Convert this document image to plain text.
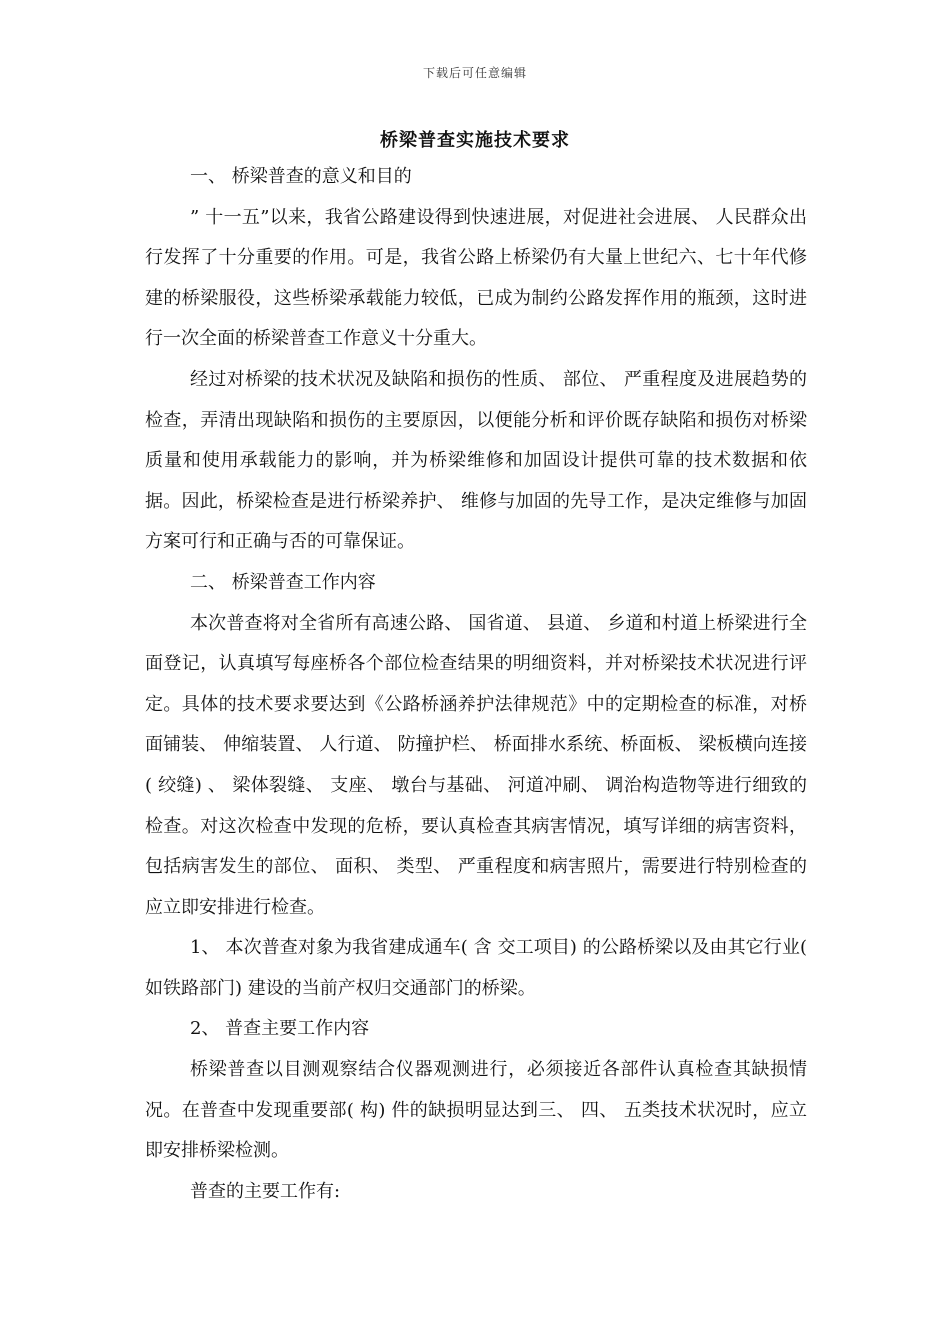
下载后可任意编辑
桥梁普查实施技术要求

一、 桥梁普查的意义和目的

” 十一五”以来，我省公路建设得到快速进展，对促进社会进展、 人民群众出行发挥了十分重要的作用。可是，我省公路上桥梁仍有大量上世纪六、七十年代修建的桥梁服役，这些桥梁承载能力较低，已成为制约公路发挥作用的瓶颈，这时进行一次全面的桥梁普查工作意义十分重大。

经过对桥梁的技术状况及缺陷和损伤的性质、 部位、 严重程度及进展趋势的检查，弄清出现缺陷和损伤的主要原因，以便能分析和评价既存缺陷和损伤对桥梁质量和使用承载能力的影响，并为桥梁维修和加固设计提供可靠的技术数据和依据。因此，桥梁检查是进行桥梁养护、 维修与加固的先导工作，是决定维修与加固方案可行和正确与否的可靠保证。

二、 桥梁普查工作内容

本次普查将对全省所有高速公路、 国省道、 县道、 乡道和村道上桥梁进行全面登记，认真填写每座桥各个部位检查结果的明细资料，并对桥梁技术状况进行评定。具体的技术要求要达到《公路桥涵养护法律规范》中的定期检查的标准，对桥面铺装、 伸缩装置、 人行道、 防撞护栏、 桥面排水系统、桥面板、 梁板横向连接( 绞缝) 、 梁体裂缝、 支座、 墩台与基础、 河道冲刷、 调治构造物等进行细致的检查。对这次检查中发现的危桥，要认真检查其病害情况，填写详细的病害资料，包括病害发生的部位、 面积、 类型、 严重程度和病害照片，需要进行特别检查的应立即安排进行检查。

1、 本次普查对象为我省建成通车( 含 交工项目) 的公路桥梁以及由其它行业( 如铁路部门) 建设的当前产权归交通部门的桥梁。

2、 普查主要工作内容

桥梁普查以目测观察结合仪器观测进行，必须接近各部件认真检查其缺损情况。在普查中发现重要部( 构) 件的缺损明显达到三、 四、 五类技术状况时，应立即安排桥梁检测。

普查的主要工作有:
